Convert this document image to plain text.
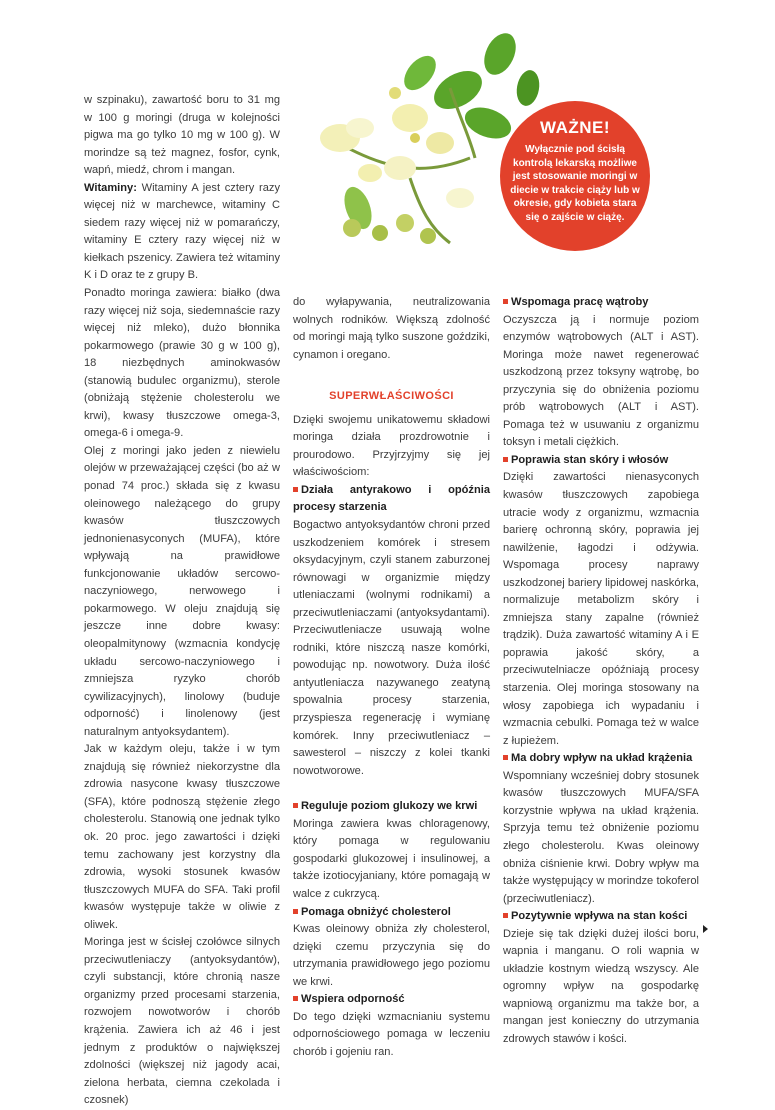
WAŻNE!
Wyłącznie pod ścisłą kontrolą lekarską możliwe jest stosowanie moringi w diecie w trakcie ciąży lub w okresie, gdy kobieta stara się o zajście w ciążę.

w szpinaku), zawartość boru to 31 mg w 100 g moringi (druga w kolejności pigwa ma go tylko 10 mg w 100 g). W morindze są też magnez, fosfor, cynk, wapń, miedź, chrom i mangan.

Witaminy: Witaminy A jest cztery razy więcej niż w marchewce, witaminy C siedem razy więcej niż w pomarańczy, witaminy E cztery razy więcej niż w kiełkach pszenicy. Zawiera też witaminy K i D oraz te z grupy B.

Ponadto moringa zawiera: białko (dwa razy więcej niż soja, siedemnaście razy więcej niż mleko), dużo błonnika pokarmowego (prawie 30 g w 100 g), 18 niezbędnych aminokwasów (stanowią budulec organizmu), sterole (obniżają stężenie cholesterolu we krwi), kwasy tłuszczowe omega-3, omega-6 i omega-9.

Olej z moringi jako jeden z niewielu olejów w przeważającej części (bo aż w ponad 74 proc.) składa się z kwasu oleinowego należącego do grupy kwasów tłuszczowych jednonienasyconych (MUFA), które wpływają na prawidłowe funkcjonowanie układów sercowo-naczyniowego, nerwowego i pokarmowego. W oleju znajdują się jeszcze inne dobre kwasy: oleopalmitynowy (wzmacnia kondycję układu sercowo-naczyniowego i zmniejsza ryzyko chorób cywilizacyjnych), linolowy (buduje odporność) i linolenowy (jest naturalnym antyoksydantem).

Jak w każdym oleju, także i w tym znajdują się również niekorzystne dla zdrowia nasycone kwasy tłuszczowe (SFA), które podnoszą stężenie złego cholesterolu. Stanowią one jednak tylko ok. 20 proc. jego zawartości i dzięki temu zachowany jest korzystny dla zdrowia, wysoki stosunek kwasów tłuszczowych MUFA do SFA. Taki profil kwasów występuje także w oliwie z oliwek.

Moringa jest w ścisłej czołówce silnych przeciwutleniaczy (antyoksydantów), czyli substancji, które chronią nasze organizmy przed procesami starzenia, rozwojem nowotworów i chorób krążenia. Zawiera ich aż 46 i jest jednym z produktów o największej zdolności (większej niż jagody acai, zielona herbata, ciemna czekolada i czosnek)

do wyłapywania, neutralizowania wolnych rodników. Większą zdolność od moringi mają tylko suszone goździki, cynamon i oregano.

SUPERWŁAŚCIWOŚCI

Dzięki swojemu unikatowemu składowi moringa działa prozdrowotnie i prourodowo. Przyjrzyjmy się jej właściwościom:

Działa antyrakowo i opóźnia procesy starzenia

Bogactwo antyoksydantów chroni przed uszkodzeniem komórek i stresem oksydacyjnym, czyli stanem zaburzonej równowagi w organizmie między utleniaczami (wolnymi rodnikami) a przeciwutleniaczami (antyoksydantami). Przeciwutleniacze usuwają wolne rodniki, które niszczą nasze komórki, powodując np. nowotwory. Duża ilość antyutleniacza nazywanego zeatyną spowalnia procesy starzenia, przyspiesza regenerację i wymianę komórek. Inny przeciwutleniacz – sawesterol – niszczy z kolei tkanki nowotworowe.

Reguluje poziom glukozy we krwi

Moringa zawiera kwas chloragenowy, który pomaga w regulowaniu gospodarki glukozowej i insulinowej, a także izotiocyjaniany, które pomagają w walce z cukrzycą.

Pomaga obniżyć cholesterol

Kwas oleinowy obniża zły cholesterol, dzięki czemu przyczynia się do utrzymania prawidłowego jego poziomu we krwi.

Wspiera odporność

Do tego dzięki wzmacnianiu systemu odpornościowego pomaga w leczeniu chorób i gojeniu ran.

Wspomaga pracę wątroby

Oczyszcza ją i normuje poziom enzymów wątrobowych (ALT i AST). Moringa może nawet regenerować uszkodzoną przez toksyny wątrobę, bo przyczynia się do obniżenia poziomu prób wątrobowych (ALT i AST). Pomaga też w usuwaniu z organizmu toksyn i metali ciężkich.

Poprawia stan skóry i włosów

Dzięki zawartości nienasyconych kwasów tłuszczowych zapobiega utracie wody z organizmu, wzmacnia barierę ochronną skóry, poprawia jej nawilżenie, łagodzi i odżywia. Wspomaga procesy naprawy uszkodzonej bariery lipidowej naskórka, normalizuje metabolizm skóry i zmniejsza stany zapalne (również trądzik). Duża zawartość witaminy A i E poprawia jakość skóry, a przeciwutelniacze opóźniają procesy starzenia. Olej moringa stosowany na włosy zapobiega ich wypadaniu i wzmacnia cebulki. Pomaga też w walce z łupieżem.

Ma dobry wpływ na układ krążenia

Wspomniany wcześniej dobry stosunek kwasów tłuszczowych MUFA/SFA korzystnie wpływa na układ krążenia. Sprzyja temu też obniżenie poziomu złego cholesterolu. Kwas oleinowy obniża ciśnienie krwi. Dobry wpływ ma także występujący w morindze tokoferol (przeciwutleniacz).

Pozytywnie wpływa na stan kości

Dzieje się tak dzięki dużej ilości boru, wapnia i manganu. O roli wapnia w układzie kostnym wiedzą wszyscy. Ale ogromny wpływ na gospodarkę wapniową organizmu ma także bor, a mangan jest konieczny do utrzymania zdrowych stawów i kości.
